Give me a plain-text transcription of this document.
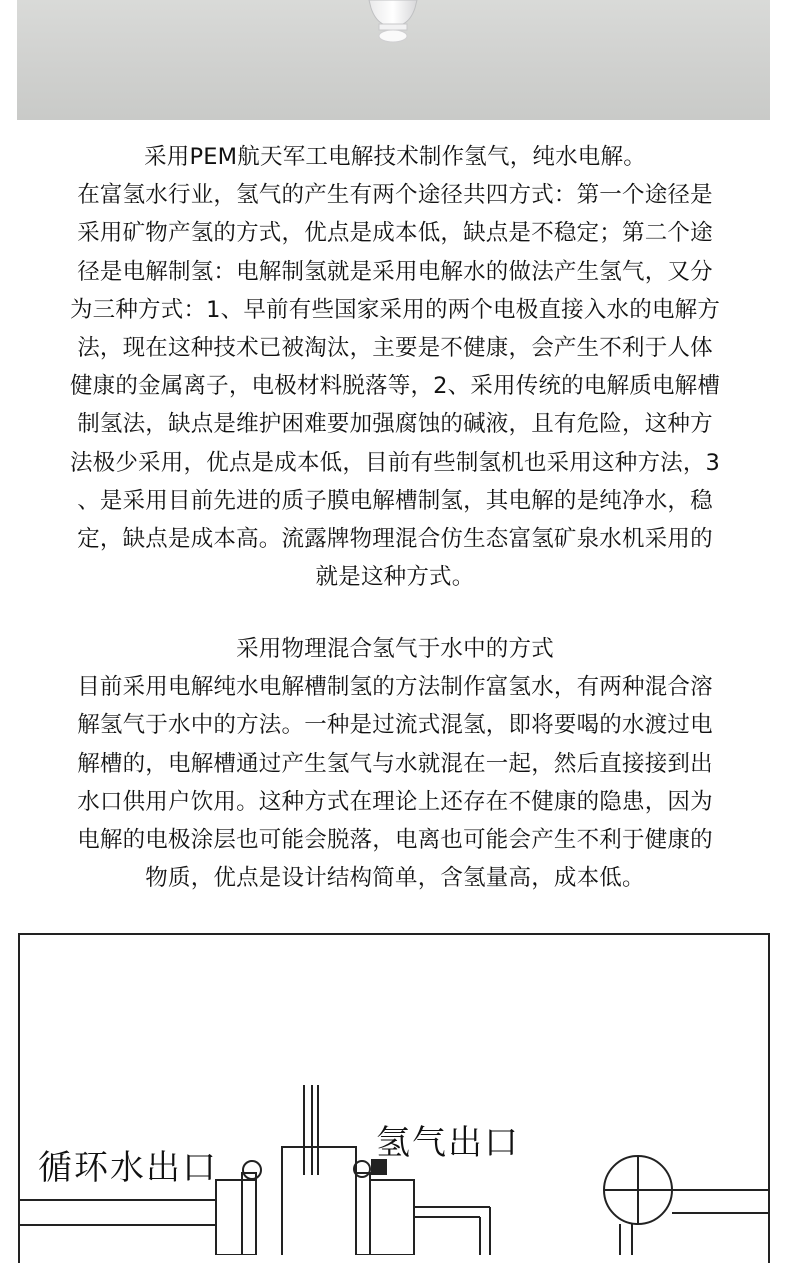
采用PEM航天军工电解技术制作氢气，纯水电解。
在富氢水行业，氢气的产生有两个途径共四方式：第一个途径是
采用矿物产氢的方式，优点是成本低，缺点是不稳定；第二个途
径是电解制氢：电解制氢就是采用电解水的做法产生氢气，又分
为三种方式：1、早前有些国家采用的两个电极直接入水的电解方
法，现在这种技术已被淘汰，主要是不健康，会产生不利于人体
健康的金属离子，电极材料脱落等，2、采用传统的电解质电解槽
制氢法，缺点是维护困难要加强腐蚀的碱液，且有危险，这种方
法极少采用，优点是成本低，目前有些制氢机也采用这种方法，3
、是采用目前先进的质子膜电解槽制氢，其电解的是纯净水，稳
定，缺点是成本高。流露牌物理混合仿生态富氢矿泉水机采用的
就是这种方式。
采用物理混合氢气于水中的方式
目前采用电解纯水电解槽制氢的方法制作富氢水，有两种混合溶
解氢气于水中的方法。一种是过流式混氢，即将要喝的水渡过电
解槽的，电解槽通过产生氢气与水就混在一起，然后直接接到出
水口供用户饮用。这种方式在理论上还存在不健康的隐患，因为
电解的电极涂层也可能会脱落，电离也可能会产生不利于健康的
物质，优点是设计结构简单，含氢量高，成本低。
循环水出口
氢气出口
